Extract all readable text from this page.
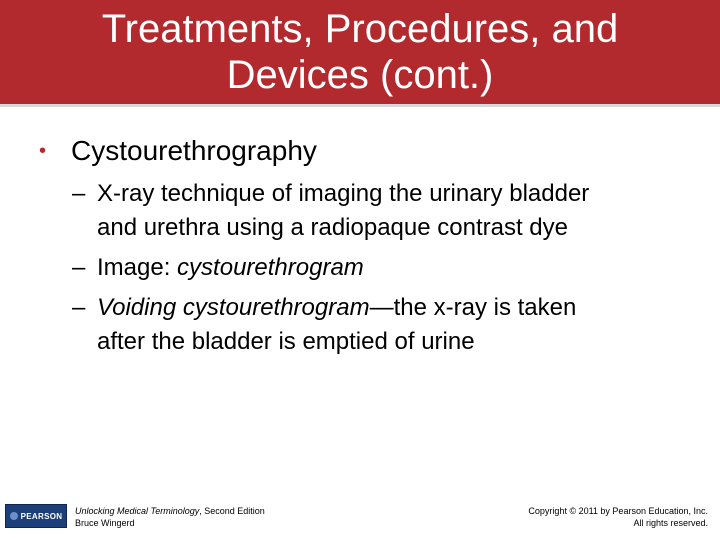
Treatments, Procedures, and
Devices (cont.)
• Cystourethrography
– X-ray technique of imaging the urinary bladder
and urethra using a radiopaque contrast dye
– Image: cystourethrogram
– Voiding cystourethrogram—the x-ray is taken
after the bladder is emptied of urine
PEARSON Unlocking Medical Terminology, Second Edition
Bruce Wingerd
Copyright © 2011 by Pearson Education, Inc.
All rights reserved.
